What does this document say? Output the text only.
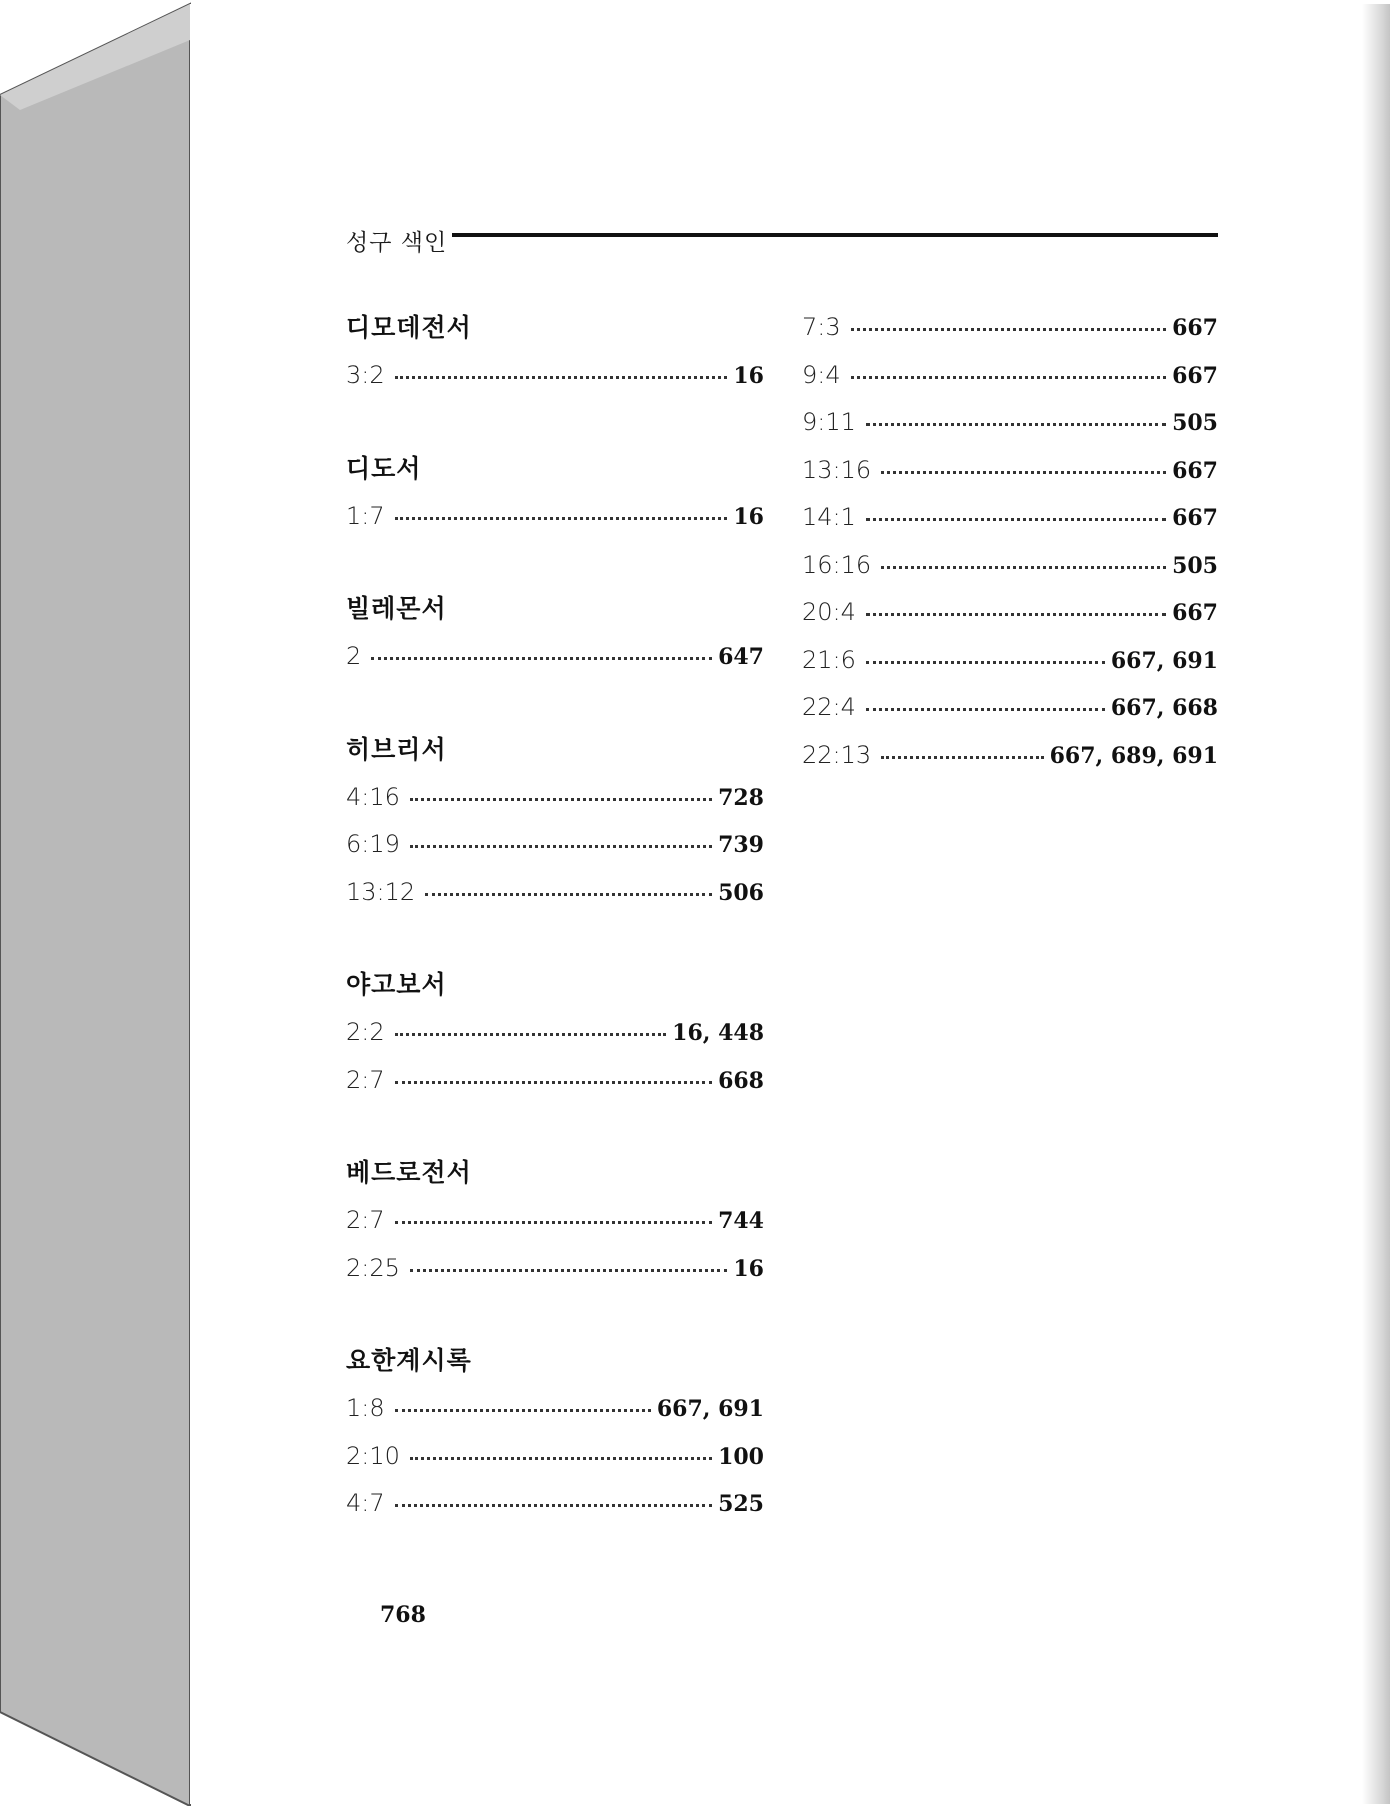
성구 색인
디모데전서
3:2	16
디도서
1:7	16
빌레몬서
2	647
히브리서
4:16	728
6:19	739
13:12	506
야고보서
2:2	16, 448
2:7	668
베드로전서
2:7	744
2:25	16
요한계시록
1:8	667, 691
2:10	100
4:7	525
7:3	667
9:4	667
9:11	505
13:16	667
14:1	667
16:16	505
20:4	667
21:6	667, 691
22:4	667, 668
22:13	667, 689, 691
768
